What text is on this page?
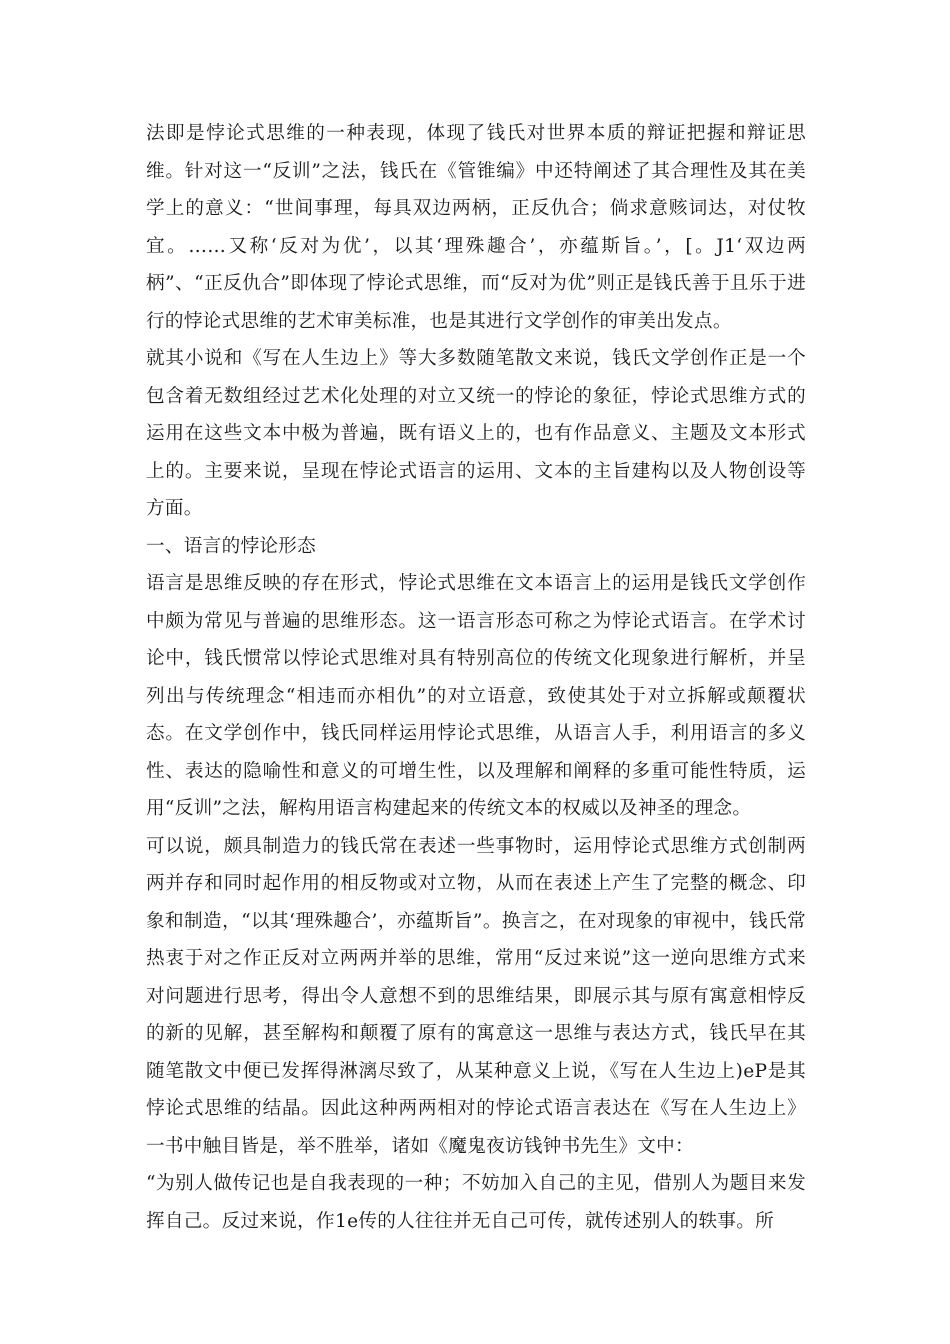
法即是悖论式思维的一种表现，体现了钱氏对世界本质的辩证把握和辩证思维。针对这一“反训”之法，钱氏在《管锥编》中还特阐述了其合理性及其在美学上的意义：“世间事理，每具双边两柄，正反仇合；倘求意赅词达，对仗牧宜。……又称‘反对为优’，以其‘理殊趣合’，亦蕴斯旨。’，[。J1‘双边两柄”、“正反仇合”即体现了悖论式思维，而“反对为优”则正是钱氏善于且乐于进行的悖论式思维的艺术审美标准，也是其进行文学创作的审美出发点。

就其小说和《写在人生边上》等大多数随笔散文来说，钱氏文学创作正是一个包含着无数组经过艺术化处理的对立又统一的悖论的象征，悖论式思维方式的运用在这些文本中极为普遍，既有语义上的，也有作品意义、主题及文本形式上的。主要来说，呈现在悖论式语言的运用、文本的主旨建构以及人物创设等方面。

一、语言的悖论形态

语言是思维反映的存在形式，悖论式思维在文本语言上的运用是钱氏文学创作中颇为常见与普遍的思维形态。这一语言形态可称之为悖论式语言。在学术讨论中，钱氏惯常以悖论式思维对具有特别高位的传统文化现象进行解析，并呈列出与传统理念“相违而亦相仇”的对立语意，致使其处于对立拆解或颠覆状态。在文学创作中，钱氏同样运用悖论式思维，从语言人手，利用语言的多义性、表达的隐喻性和意义的可增生性，以及理解和阐释的多重可能性特质，运用“反训”之法，解构用语言构建起来的传统文本的权威以及神圣的理念。

可以说，颇具制造力的钱氏常在表述一些事物时，运用悖论式思维方式创制两两并存和同时起作用的相反物或对立物，从而在表述上产生了完整的概念、印象和制造，“以其‘理殊趣合’，亦蕴斯旨”。换言之，在对现象的审视中，钱氏常热衷于对之作正反对立两两并举的思维，常用“反过来说”这一逆向思维方式来对问题进行思考，得出令人意想不到的思维结果，即展示其与原有寓意相悖反的新的见解，甚至解构和颠覆了原有的寓意这一思维与表达方式，钱氏早在其随笔散文中便已发挥得淋漓尽致了，从某种意义上说，《写在人生边上)eP是其悖论式思维的结晶。因此这种两两相对的悖论式语言表达在《写在人生边上》一书中触目皆是，举不胜举，诸如《魔鬼夜访钱钟书先生》文中：

“为别人做传记也是自我表现的一种；不妨加入自己的主见，借别人为题目来发挥自己。反过来说，作1e传的人往往并无自己可传，就传述别人的轶事。所
